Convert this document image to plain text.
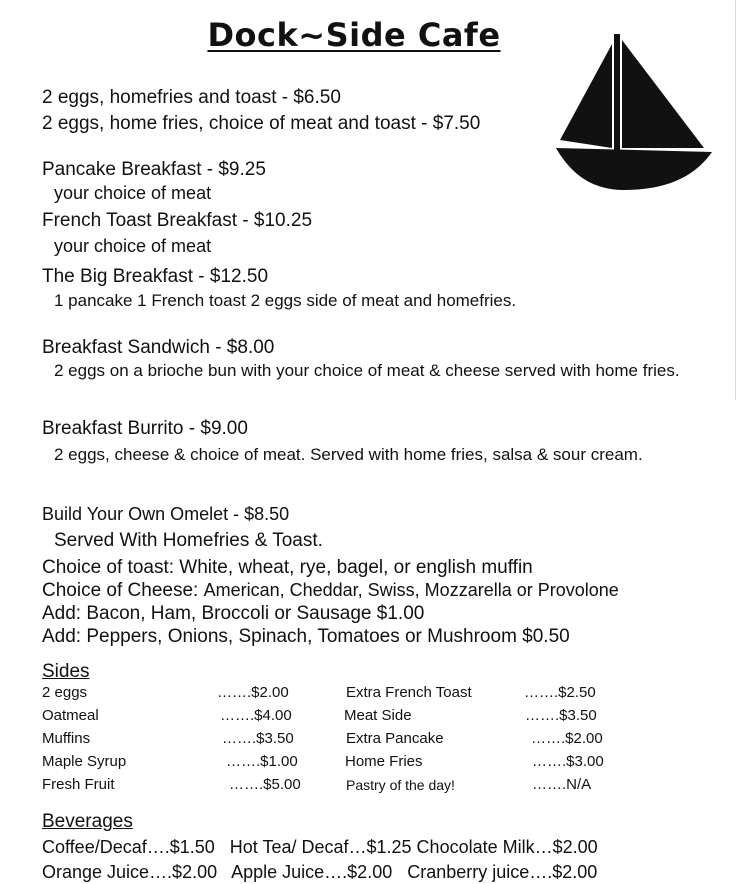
Dock~Side Cafe
2 eggs, homefries and toast - $6.50
2 eggs, home fries, choice of meat and toast - $7.50
Pancake Breakfast - $9.25
your choice of meat
French Toast Breakfast - $10.25
your choice of meat
The Big Breakfast - $12.50
1 pancake 1 French toast 2 eggs side of meat and homefries.
Breakfast Sandwich - $8.00
2 eggs on a brioche bun with your choice of meat & cheese served with home fries.
Breakfast Burrito - $9.00
2 eggs, cheese & choice of meat. Served with home fries, salsa & sour cream.
Build Your Own Omelet - $8.50
Served With Homefries & Toast.
Choice of toast: White, wheat, rye, bagel, or english muffin
Choice of Cheese: American, Cheddar, Swiss, Mozzarella or Provolone
Add: Bacon, Ham, Broccoli or Sausage $1.00
Add: Peppers, Onions, Spinach, Tomatoes or Mushroom $0.50
Sides
2 eggs	…….$2.00	Extra French Toast	…….$2.50
Oatmeal	…….$4.00	Meat Side	…….$3.50
Muffins	…….$3.50	Extra Pancake	…….$2.00
Maple Syrup	…….$1.00	Home Fries	…….$3.00
Fresh Fruit	…….$5.00	Pastry of the day!	…….N/A
Beverages
Coffee/Decaf….$1.50   Hot Tea/ Decaf…$1.25 Chocolate Milk…$2.00
Orange Juice….$2.00   Apple Juice….$2.00   Cranberry juice….$2.00
